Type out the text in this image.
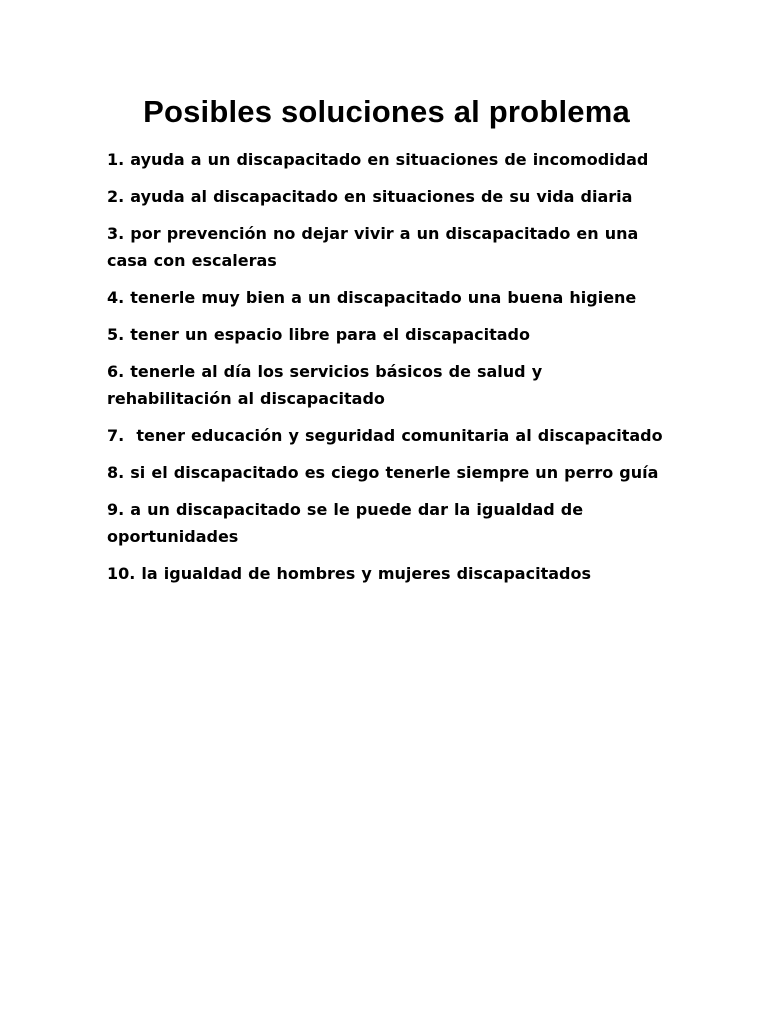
Posibles soluciones al problema
1. ayuda a un discapacitado en situaciones de incomodidad
2. ayuda al discapacitado en situaciones de su vida diaria
3. por prevención no dejar vivir a un discapacitado en una casa con escaleras
4. tenerle muy bien a un discapacitado una buena higiene
5. tener un espacio libre para el discapacitado
6. tenerle al día los servicios básicos de salud y rehabilitación al discapacitado
7.  tener educación y seguridad comunitaria al discapacitado
8. si el discapacitado es ciego tenerle siempre un perro guía
9. a un discapacitado se le puede dar la igualdad de oportunidades
10. la igualdad de hombres y mujeres discapacitados
